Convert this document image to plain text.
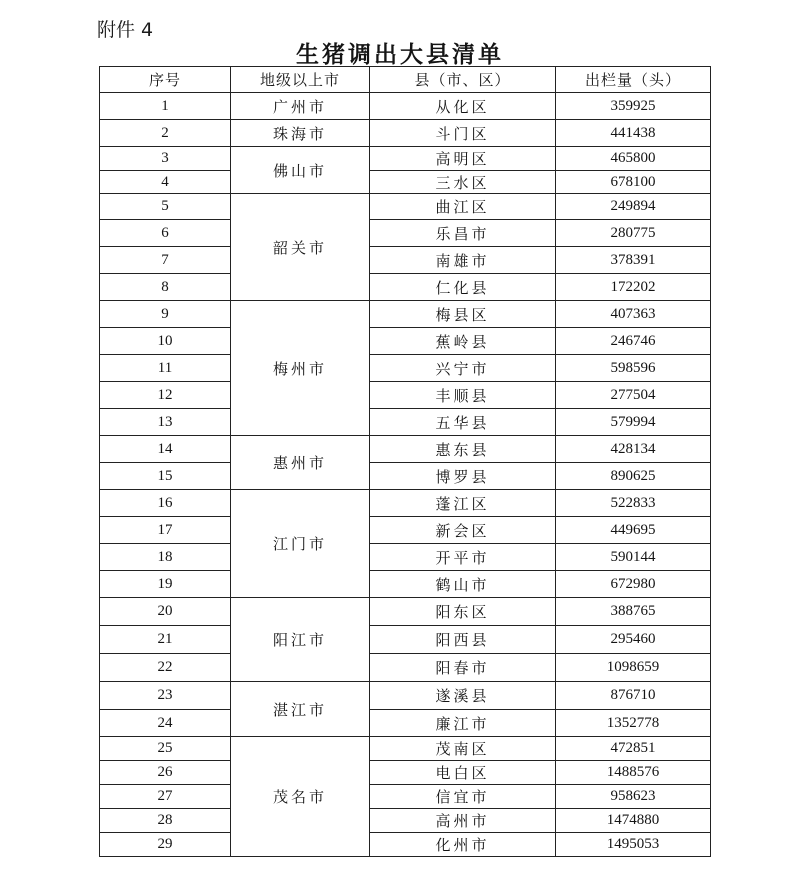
附件 4
生猪调出大县清单
序号	地级以上市	县（市、区）	出栏量（头）
1	广州市	从化区	359925
2	珠海市	斗门区	441438
3	佛山市	高明区	465800
4		三水区	678100
5	韶关市	曲江区	249894
6		乐昌市	280775
7		南雄市	378391
8		仁化县	172202
9	梅州市	梅县区	407363
10		蕉岭县	246746
11		兴宁市	598596
12		丰顺县	277504
13		五华县	579994
14	惠州市	惠东县	428134
15		博罗县	890625
16	江门市	蓬江区	522833
17		新会区	449695
18		开平市	590144
19		鹤山市	672980
20	阳江市	阳东区	388765
21		阳西县	295460
22		阳春市	1098659
23	湛江市	遂溪县	876710
24		廉江市	1352778
25	茂名市	茂南区	472851
26		电白区	1488576
27		信宜市	958623
28		高州市	1474880
29		化州市	1495053
